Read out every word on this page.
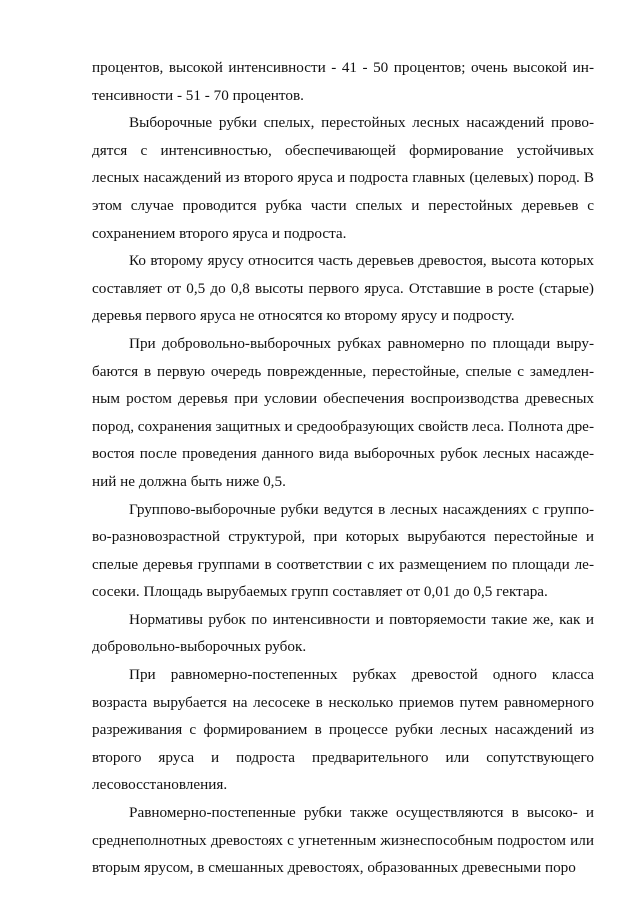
процентов, высокой интенсивности - 41 - 50 процентов; очень высокой интенсивности - 51 - 70 процентов.

Выборочные рубки спелых, перестойных лесных насаждений проводятся с интенсивностью, обеспечивающей формирование устойчивых лесных насаждений из второго яруса и подроста главных (целевых) пород. В этом случае проводится рубка части спелых и перестойных деревьев с сохранением второго яруса и подроста.

Ко второму ярусу относится часть деревьев древостоя, высота которых составляет от 0,5 до 0,8 высоты первого яруса. Отставшие в росте (старые) деревья первого яруса не относятся ко второму ярусу и подросту.

При добровольно-выборочных рубках равномерно по площади вырубаются в первую очередь поврежденные, перестойные, спелые с замедленным ростом деревья при условии обеспечения воспроизводства древесных пород, сохранения защитных и средообразующих свойств леса. Полнота древостоя после проведения данного вида выборочных рубок лесных насаждений не должна быть ниже 0,5.

Группово-выборочные рубки ведутся в лесных насаждениях с группово-разновозрастной структурой, при которых вырубаются перестойные и спелые деревья группами в соответствии с их размещением по площади лесосеки. Площадь вырубаемых групп составляет от 0,01 до 0,5 гектара.

Нормативы рубок по интенсивности и повторяемости такие же, как и добровольно-выборочных рубок.

При равномерно-постепенных рубках древостой одного класса возраста вырубается на лесосеке в несколько приемов путем равномерного разреживания с формированием в процессе рубки лесных насаждений из второго яруса и подроста предварительного или сопутствующего лесовосстановления.

Равномерно-постепенные рубки также осуществляются в высоко- и среднеполнотных древостоях с угнетенным жизнеспособным подростом или вторым ярусом, в смешанных древостоях, образованных древесными поро
